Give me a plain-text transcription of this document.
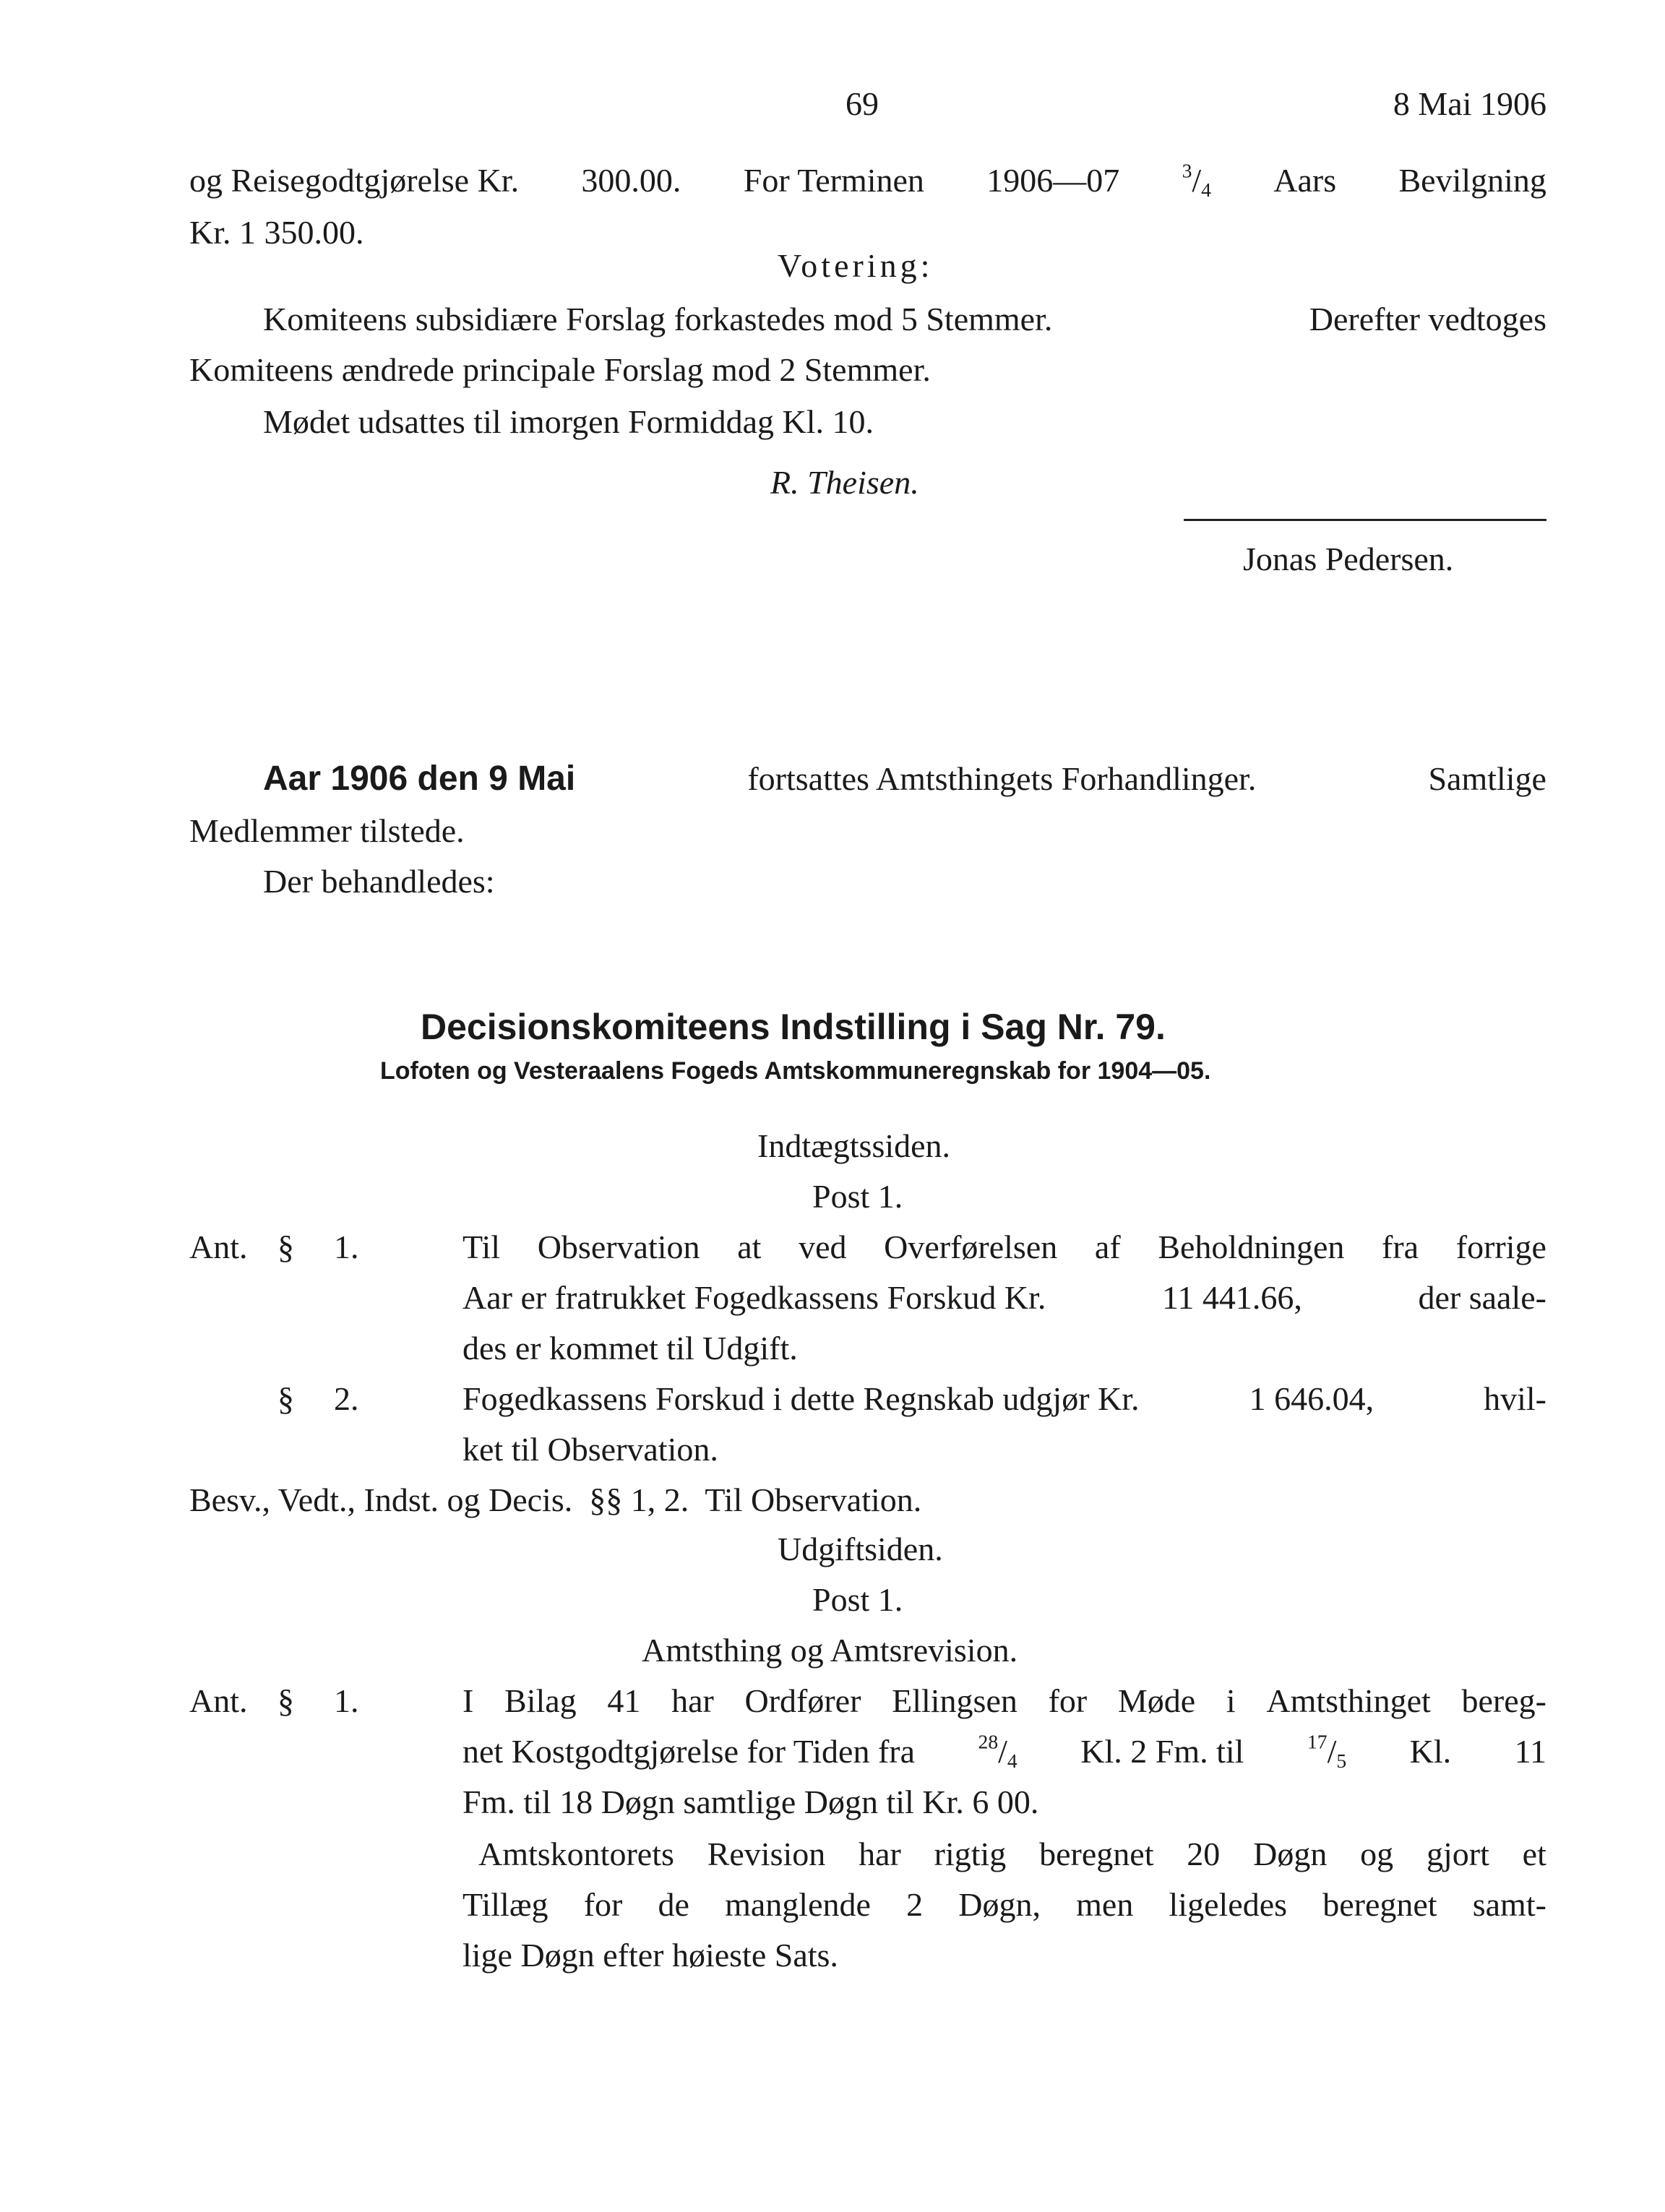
69	8 Mai 1906
og Reisegodtgjørelse Kr. 300.00. For Terminen 1906—07	$^3/_4$ Aars Bevilgning
Kr. 1 350.00.
Votering:
Komiteens subsidiære Forslag forkastedes mod 5 Stemmer.	Derefter vedtoges
Komiteens ændrede principale Forslag mod 2 Stemmer.
Mødet udsattes til imorgen Formiddag Kl. 10.
R. Theisen.
Jonas Pedersen.
Aar 1906 den 9 Mai	fortsattes Amtsthingets Forhandlinger.	Samtlige
Medlemmer tilstede.
Der behandledes:
Decisionskomiteens Indstilling i Sag Nr. 79.
Lofoten og Vesteraalens Fogeds Amtskommuneregnskab for 1904—05.
Indtægtssiden.
Post 1.
Ant. § 1.	Til Observation at ved Overførelsen af Beholdningen fra forrige
Aar er fratrukket Fogedkassens Forskud Kr.	11 441.66,	der saale-
des er kommet til Udgift.
§ 2.	Fogedkassens Forskud i dette Regnskab udgjør Kr.	1 646.04,	hvil-
ket til Observation.
Besv., Vedt., Indst. og Decis.  §§ 1, 2.  Til Observation.
Udgiftsiden.
Post 1.
Amtsthing og Amtsrevision.
Ant. § 1.	I Bilag 41 har Ordfører Ellingsen for Møde i Amtsthinget bereg-
net Kostgodtgjørelse for Tiden fra	$^{28}/_4$ Kl. 2 Fm. til	$^{17}/_5$ Kl. 11
Fm. til 18 Døgn samtlige Døgn til Kr. 6 00.
Amtskontorets Revision har rigtig beregnet 20 Døgn og gjort et
Tillæg for de manglende 2 Døgn, men ligeledes beregnet samt-
lige Døgn efter høieste Sats.
